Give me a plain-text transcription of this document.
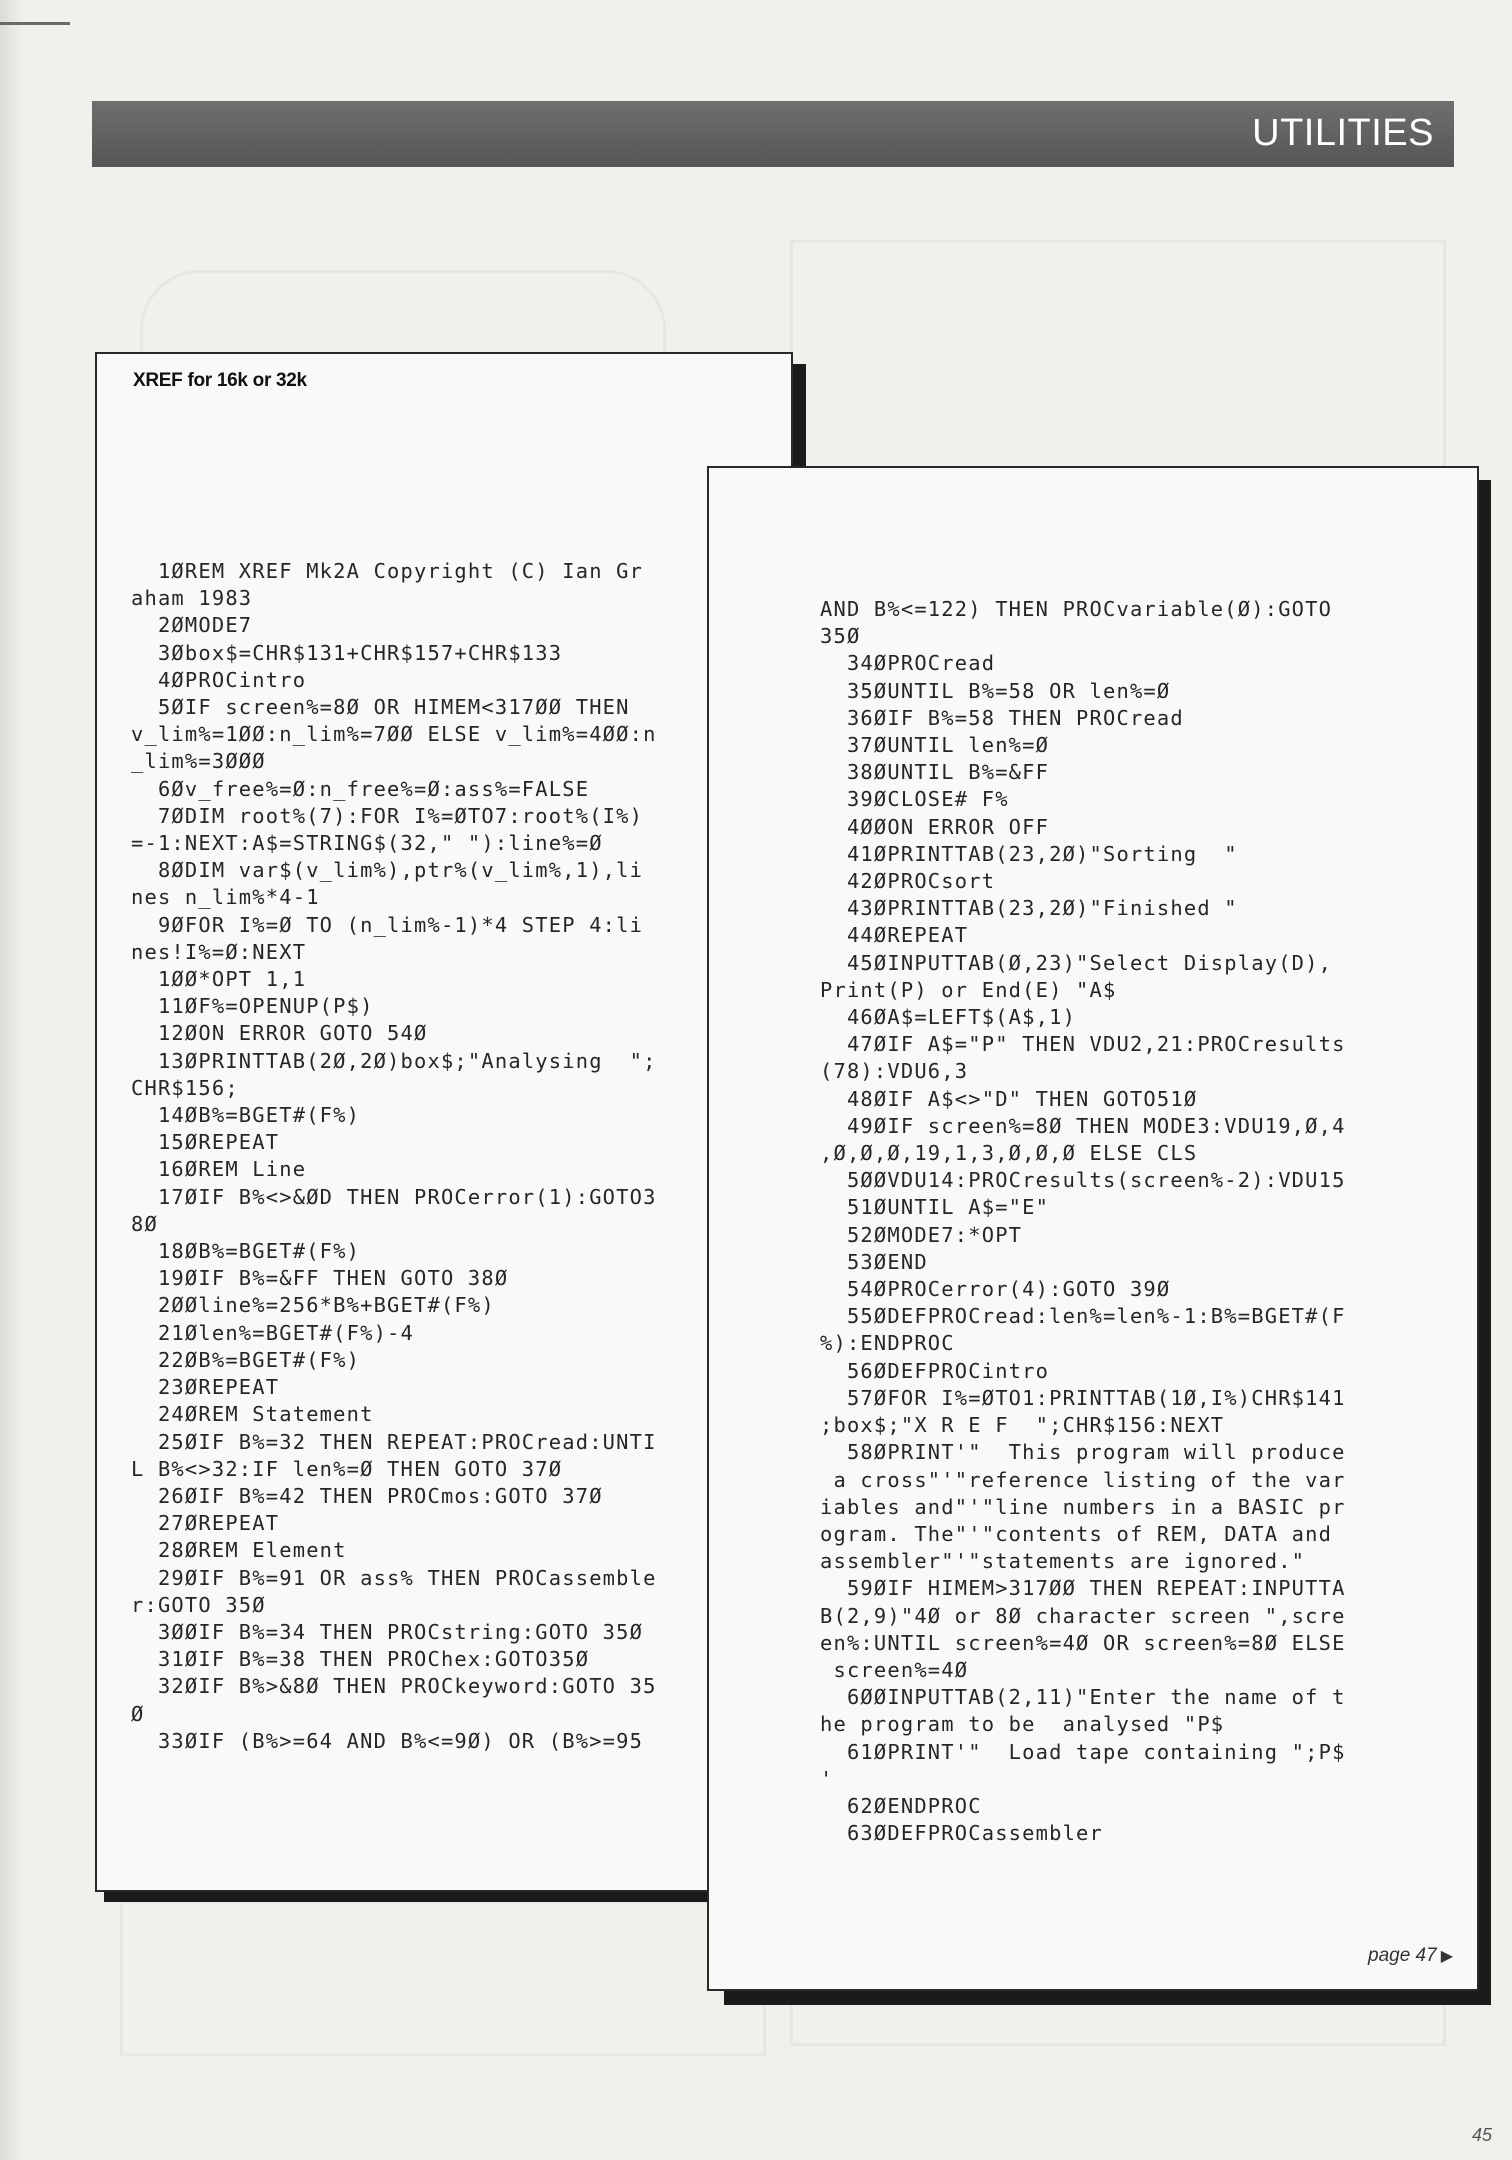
UTILITIES
XREF for 16k or 32k
1ØREM XREF Mk2A Copyright (C) Ian Gr
aham 1983
2ØMODE7
3Øbox$=CHR$131+CHR$157+CHR$133
4ØPROCintro
5ØIF screen%=8Ø OR HIMEM<317ØØ THEN
v_lim%=1ØØ:n_lim%=7ØØ ELSE v_lim%=4ØØ:n
_lim%=3ØØØ
6Øv_free%=Ø:n_free%=Ø:ass%=FALSE
7ØDIM root%(7):FOR I%=ØTO7:root%(I%)
=-1:NEXT:A$=STRING$(32," "):line%=Ø
8ØDIM var$(v_lim%),ptr%(v_lim%,1),li
nes n_lim%*4-1
9ØFOR I%=Ø TO (n_lim%-1)*4 STEP 4:li
nes!I%=Ø:NEXT
1ØØ*OPT 1,1
11ØF%=OPENUP(P$)
12ØON ERROR GOTO 54Ø
13ØPRINTTAB(2Ø,2Ø)box$;"Analysing  ";
CHR$156;
14ØB%=BGET#(F%)
15ØREPEAT
16ØREM Line
17ØIF B%<>&ØD THEN PROCerror(1):GOTO3
8Ø
18ØB%=BGET#(F%)
19ØIF B%=&FF THEN GOTO 38Ø
2ØØline%=256*B%+BGET#(F%)
21Ølen%=BGET#(F%)-4
22ØB%=BGET#(F%)
23ØREPEAT
24ØREM Statement
25ØIF B%=32 THEN REPEAT:PROCread:UNTI
L B%<>32:IF len%=Ø THEN GOTO 37Ø
26ØIF B%=42 THEN PROCmos:GOTO 37Ø
27ØREPEAT
28ØREM Element
29ØIF B%=91 OR ass% THEN PROCassemble
r:GOTO 35Ø
3ØØIF B%=34 THEN PROCstring:GOTO 35Ø
31ØIF B%=38 THEN PROChex:GOTO35Ø
32ØIF B%>&8Ø THEN PROCkeyword:GOTO 35
Ø
33ØIF (B%>=64 AND B%<=9Ø) OR (B%>=95
AND B%<=122) THEN PROCvariable(Ø):GOTO
35Ø
34ØPROCread
35ØUNTIL B%=58 OR len%=Ø
36ØIF B%=58 THEN PROCread
37ØUNTIL len%=Ø
38ØUNTIL B%=&FF
39ØCLOSE# F%
4ØØON ERROR OFF
41ØPRINTTAB(23,2Ø)"Sorting  "
42ØPROCsort
43ØPRINTTAB(23,2Ø)"Finished "
44ØREPEAT
45ØINPUTTAB(Ø,23)"Select Display(D),
Print(P) or End(E) "A$
46ØA$=LEFT$(A$,1)
47ØIF A$="P" THEN VDU2,21:PROCresults
(78):VDU6,3
48ØIF A$<>"D" THEN GOTO51Ø
49ØIF screen%=8Ø THEN MODE3:VDU19,Ø,4
,Ø,Ø,Ø,19,1,3,Ø,Ø,Ø ELSE CLS
5ØØVDU14:PROCresults(screen%-2):VDU15
51ØUNTIL A$="E"
52ØMODE7:*OPT
53ØEND
54ØPROCerror(4):GOTO 39Ø
55ØDEFPROCread:len%=len%-1:B%=BGET#(F
%):ENDPROC
56ØDEFPROCintro
57ØFOR I%=ØTO1:PRINTTAB(1Ø,I%)CHR$141
;box$;"X R E F  ";CHR$156:NEXT
58ØPRINT'"  This program will produce
a cross"'"reference listing of the var
iables and"'"line numbers in a BASIC pr
ogram. The"'"contents of REM, DATA and
assembler"'"statements are ignored."
59ØIF HIMEM>317ØØ THEN REPEAT:INPUTTA
B(2,9)"4Ø or 8Ø character screen ",scre
en%:UNTIL screen%=4Ø OR screen%=8Ø ELSE
screen%=4Ø
6ØØINPUTTAB(2,11)"Enter the name of t
he program to be  analysed "P$
61ØPRINT'"  Load tape containing ";P$
'
62ØENDPROC
63ØDEFPROCassembler
page 47 ▶
45
